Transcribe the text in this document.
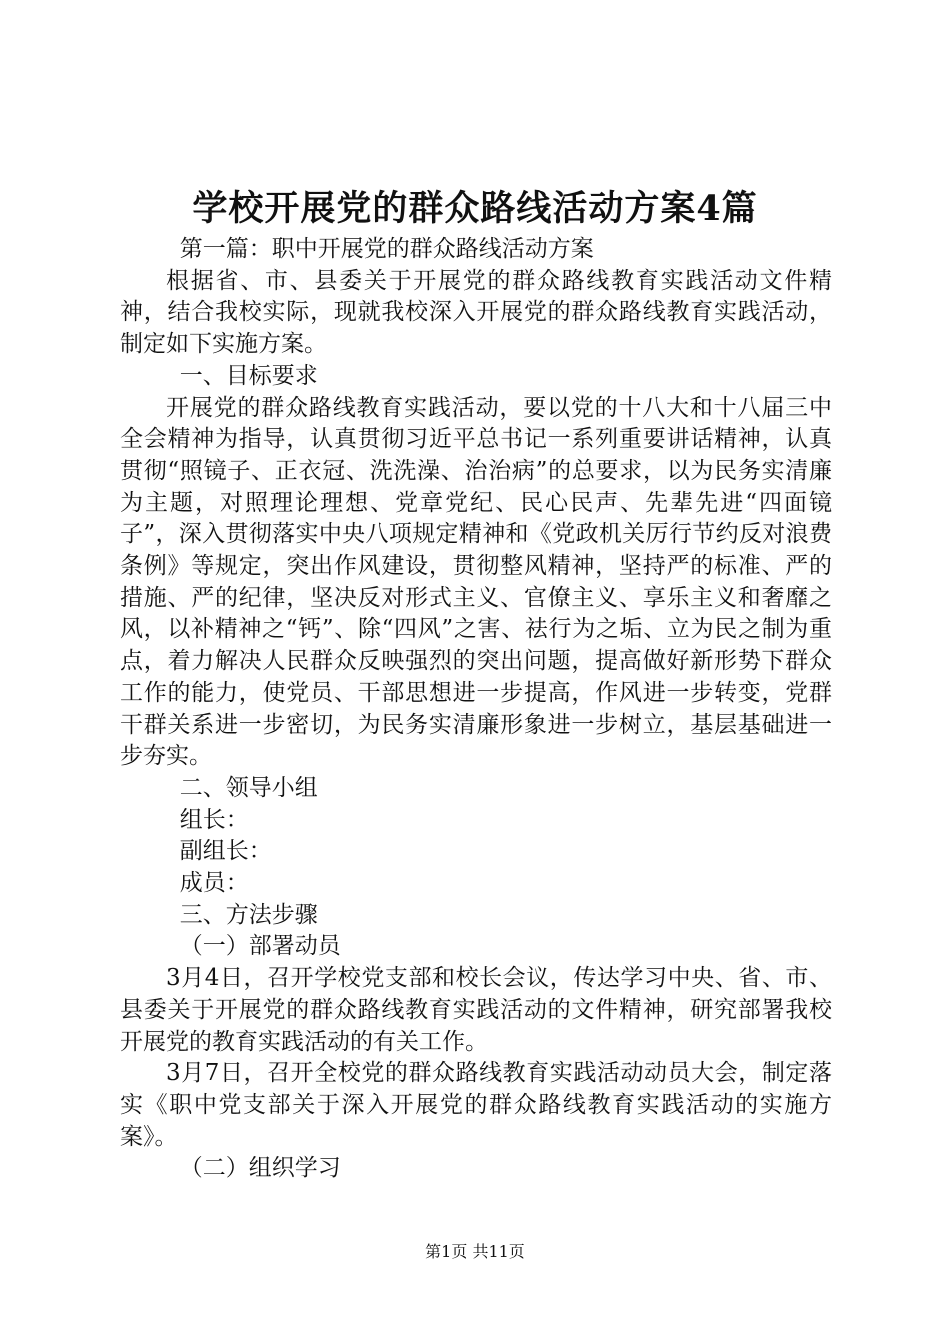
学校开展党的群众路线活动方案4篇

第一篇：职中开展党的群众路线活动方案

根据省、市、县委关于开展党的群众路线教育实践活动文件精神，结合我校实际，现就我校深入开展党的群众路线教育实践活动，制定如下实施方案。

一、目标要求

开展党的群众路线教育实践活动，要以党的十八大和十八届三中全会精神为指导，认真贯彻习近平总书记一系列重要讲话精神，认真贯彻“照镜子、正衣冠、洗洗澡、治治病”的总要求，以为民务实清廉为主题，对照理论理想、党章党纪、民心民声、先辈先进“四面镜子”，深入贯彻落实中央八项规定精神和《党政机关厉行节约反对浪费条例》等规定，突出作风建设，贯彻整风精神，坚持严的标准、严的措施、严的纪律，坚决反对形式主义、官僚主义、享乐主义和奢靡之风，以补精神之“钙”、除“四风”之害、祛行为之垢、立为民之制为重点，着力解决人民群众反映强烈的突出问题，提高做好新形势下群众工作的能力，使党员、干部思想进一步提高，作风进一步转变，党群干群关系进一步密切，为民务实清廉形象进一步树立，基层基础进一步夯实。

二、领导小组

组长：

副组长：

成员：

三、方法步骤

（一）部署动员

3月4日，召开学校党支部和校长会议，传达学习中央、省、市、县委关于开展党的群众路线教育实践活动的文件精神，研究部署我校开展党的教育实践活动的有关工作。

3月7日，召开全校党的群众路线教育实践活动动员大会，制定落实《职中党支部关于深入开展党的群众路线教育实践活动的实施方案》。

（二）组织学习

第1页 共11页
